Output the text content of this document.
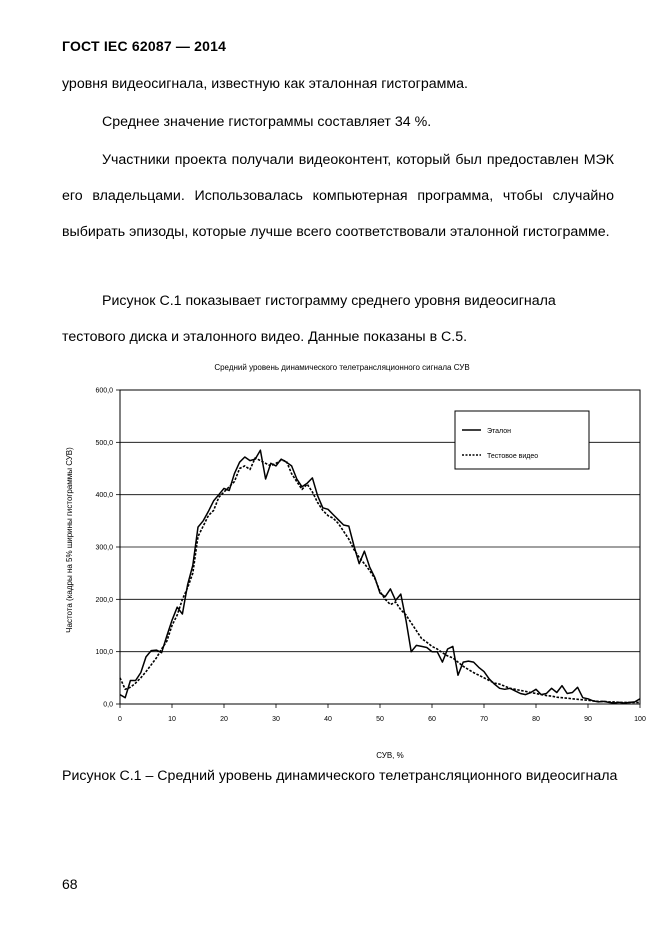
ГОСТ IEC 62087 — 2014
уровня видеосигнала, известную как эталонная гистограмма.
Среднее значение гистограммы составляет 34 %.
Участники проекта получали видеоконтент, который был предоставлен МЭК его владельцами. Использовалась компьютерная программа, чтобы случайно выбирать эпизоды, которые лучше всего соответствовали эталонной гистограмме.
Рисунок С.1 показывает гистограмму среднего уровня видеосигнала тестового диска и эталонного видео. Данные показаны в С.5.
Средний уровень динамического телетрансляционного сигнала СУВ
0,0
100,0
200,0
300,0
400,0
500,0
600,0
0	10	20	30	40	50	60	70	80	90	100
Эталон
Тестовое видео
Частота (кадры на 5% ширины гистограммы СУВ)
СУВ, %
Рисунок С.1 – Средний уровень динамического телетрансляционного видеосигнала
68
